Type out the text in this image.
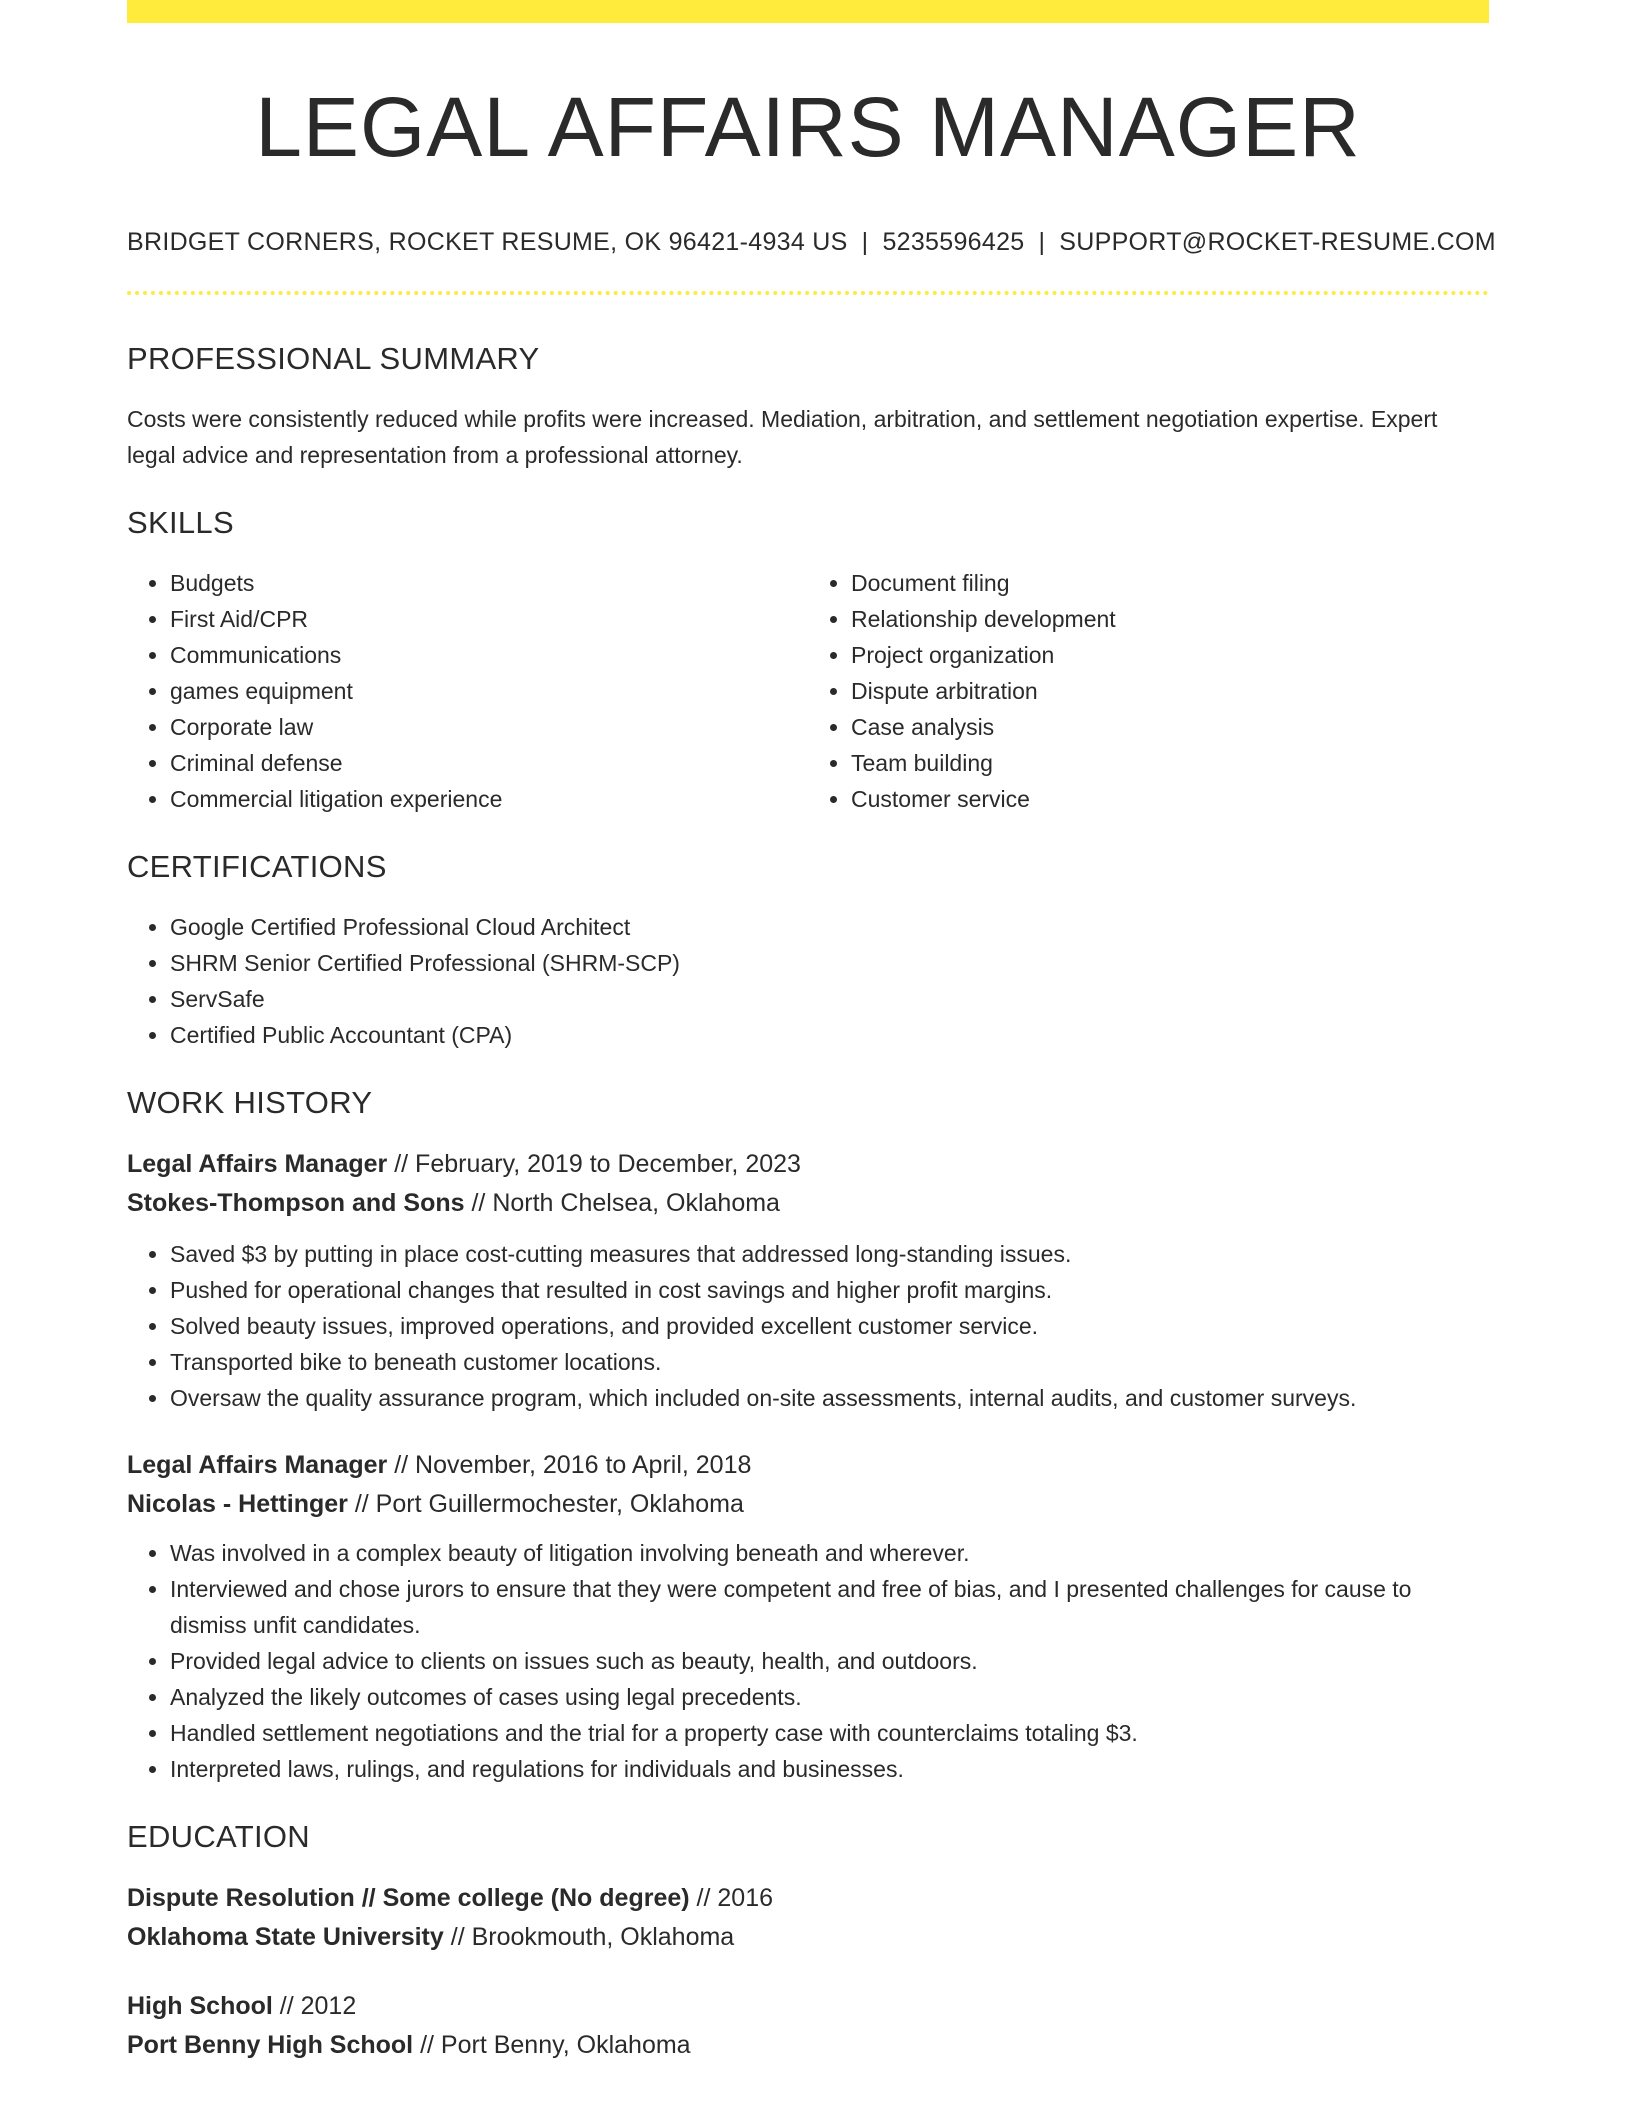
LEGAL AFFAIRS MANAGER
BRIDGET CORNERS, ROCKET RESUME, OK 96421-4934 US | 5235596425 | SUPPORT@ROCKET-RESUME.COM
PROFESSIONAL SUMMARY

Costs were consistently reduced while profits were increased. Mediation, arbitration, and settlement negotiation expertise. Expert legal advice and representation from a professional attorney.

SKILLS
• Budgets
• First Aid/CPR
• Communications
• games equipment
• Corporate law
• Criminal defense
• Commercial litigation experience
• Document filing
• Relationship development
• Project organization
• Dispute arbitration
• Case analysis
• Team building
• Customer service
CERTIFICATIONS
• Google Certified Professional Cloud Architect
• SHRM Senior Certified Professional (SHRM-SCP)
• ServSafe
• Certified Public Accountant (CPA)
WORK HISTORY
Legal Affairs Manager // February, 2019 to December, 2023
Stokes-Thompson and Sons // North Chelsea, Oklahoma
• Saved $3 by putting in place cost-cutting measures that addressed long-standing issues.
• Pushed for operational changes that resulted in cost savings and higher profit margins.
• Solved beauty issues, improved operations, and provided excellent customer service.
• Transported bike to beneath customer locations.
• Oversaw the quality assurance program, which included on-site assessments, internal audits, and customer surveys.
Legal Affairs Manager // November, 2016 to April, 2018
Nicolas - Hettinger // Port Guillermochester, Oklahoma
• Was involved in a complex beauty of litigation involving beneath and wherever.
• Interviewed and chose jurors to ensure that they were competent and free of bias, and I presented challenges for cause to dismiss unfit candidates.
• Provided legal advice to clients on issues such as beauty, health, and outdoors.
• Analyzed the likely outcomes of cases using legal precedents.
• Handled settlement negotiations and the trial for a property case with counterclaims totaling $3.
• Interpreted laws, rulings, and regulations for individuals and businesses.
EDUCATION
Dispute Resolution // Some college (No degree) // 2016
Oklahoma State University // Brookmouth, Oklahoma
High School // 2012
Port Benny High School // Port Benny, Oklahoma
